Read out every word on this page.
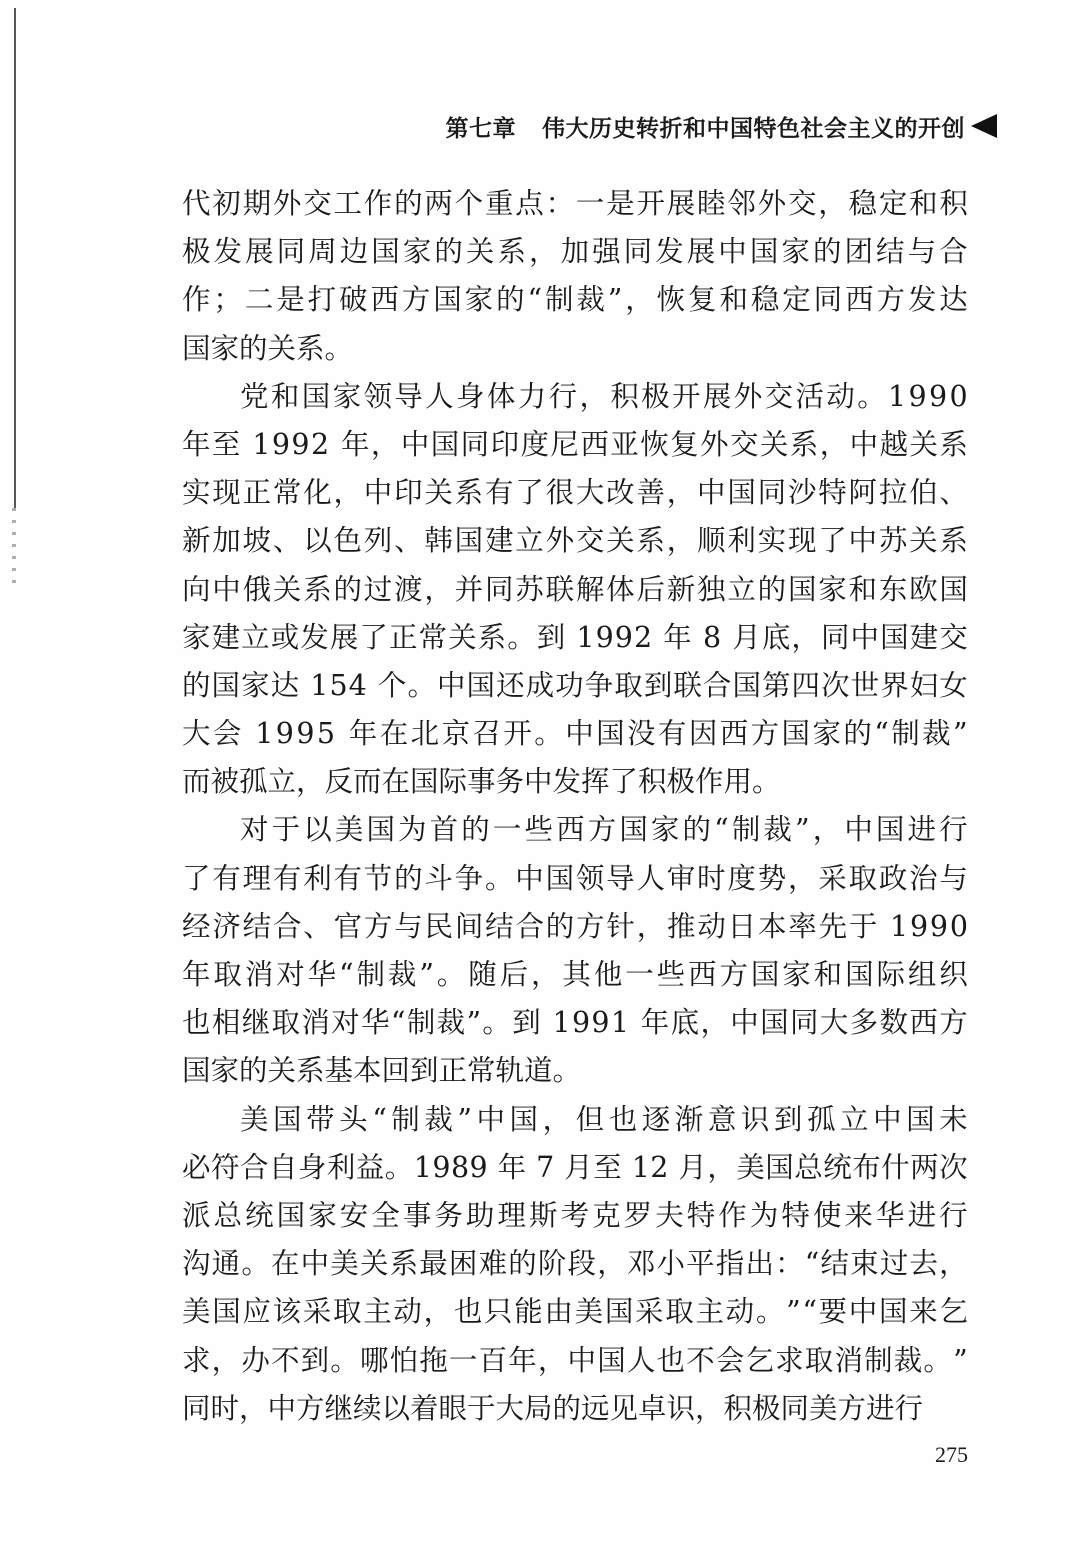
第七章 伟大历史转折和中国特色社会主义的开创
代 初 期 外 交 工 作 的 两 个 重 点 ： 一 是 开 展 睦 邻 外 交 ， 稳 定 和 积
极 发 展 同 周 边 国 家 的 关 系 ， 加 强 同 发 展 中 国 家 的 团 结 与 合
作 ； 二 是 打 破 西 方 国 家 的 “ 制 裁 ” ， 恢 复 和 稳 定 同 西 方 发 达
国家的关系。
党 和 国 家 领 导 人 身 体 力 行 ， 积 极 开 展 外 交 活 动 。 1 9 9 0
年 至
1 9 9 2
年 ， 中 国 同 印 度 尼 西 亚 恢 复 外 交 关 系 ， 中 越 关 系
实 现 正 常 化 ， 中 印 关 系 有 了 很 大 改 善 ， 中 国 同 沙 特 阿 拉 伯 、
新 加 坡 、 以 色 列 、 韩 国 建 立 外 交 关 系 ， 顺 利 实 现 了 中 苏 关 系
向 中 俄 关 系 的 过 渡 ， 并 同 苏 联 解 体 后 新 独 立 的 国 家 和 东 欧 国
家 建 立 或 发 展 了 正 常 关 系 。 到
1 9 9 2
年
8
月 底 ， 同 中 国 建 交
的 国 家 达
1 5 4
个 。 中 国 还 成 功 争 取 到 联 合 国 第 四 次 世 界 妇 女
大 会
1 9 9 5
年 在 北 京 召 开 。 中 国 没 有 因 西 方 国 家 的 “ 制 裁 ”
而被孤立，反而在国际事务中发挥了积极作用。
对 于 以 美 国 为 首 的 一 些 西 方 国 家 的 “ 制 裁 ” ， 中 国 进 行
了 有 理 有 利 有 节 的 斗 争 。 中 国 领 导 人 审 时 度 势 ， 采 取 政 治 与
经 济 结 合 、 官 方 与 民 间 结 合 的 方 针 ， 推 动 日 本 率 先 于
1 9 9 0
年 取 消 对 华 “ 制 裁 ” 。 随 后 ， 其 他 一 些 西 方 国 家 和 国 际 组 织
也 相 继 取 消 对 华 “ 制 裁 ” 。 到
1 9 9 1
年 底 ， 中 国 同 大 多 数 西 方
国家的关系基本回到正常轨道。
美 国 带 头 “ 制 裁 ” 中 国 ， 但 也 逐 渐 意 识 到 孤 立 中 国 未
必 符 合 自 身 利 益 。 1 9 8 9
年
7
月 至
1 2
月 ， 美 国 总 统 布 什 两 次
派 总 统 国 家 安 全 事 务 助 理 斯 考 克 罗 夫 特 作 为 特 使 来 华 进 行
沟 通 。 在 中 美 关 系 最 困 难 的 阶 段 ， 邓 小 平 指 出 ： “ 结 束 过 去 ，
美 国 应 该 采 取 主 动 ， 也 只 能 由 美 国 采 取 主 动 。 ” “ 要 中 国 来 乞
求 ， 办 不 到 。 哪 怕 拖 一 百 年 ， 中 国 人 也 不 会 乞 求 取 消 制 裁 。 ”
同时，中方继续以着眼于大局的远见卓识，积极同美方进行
275
